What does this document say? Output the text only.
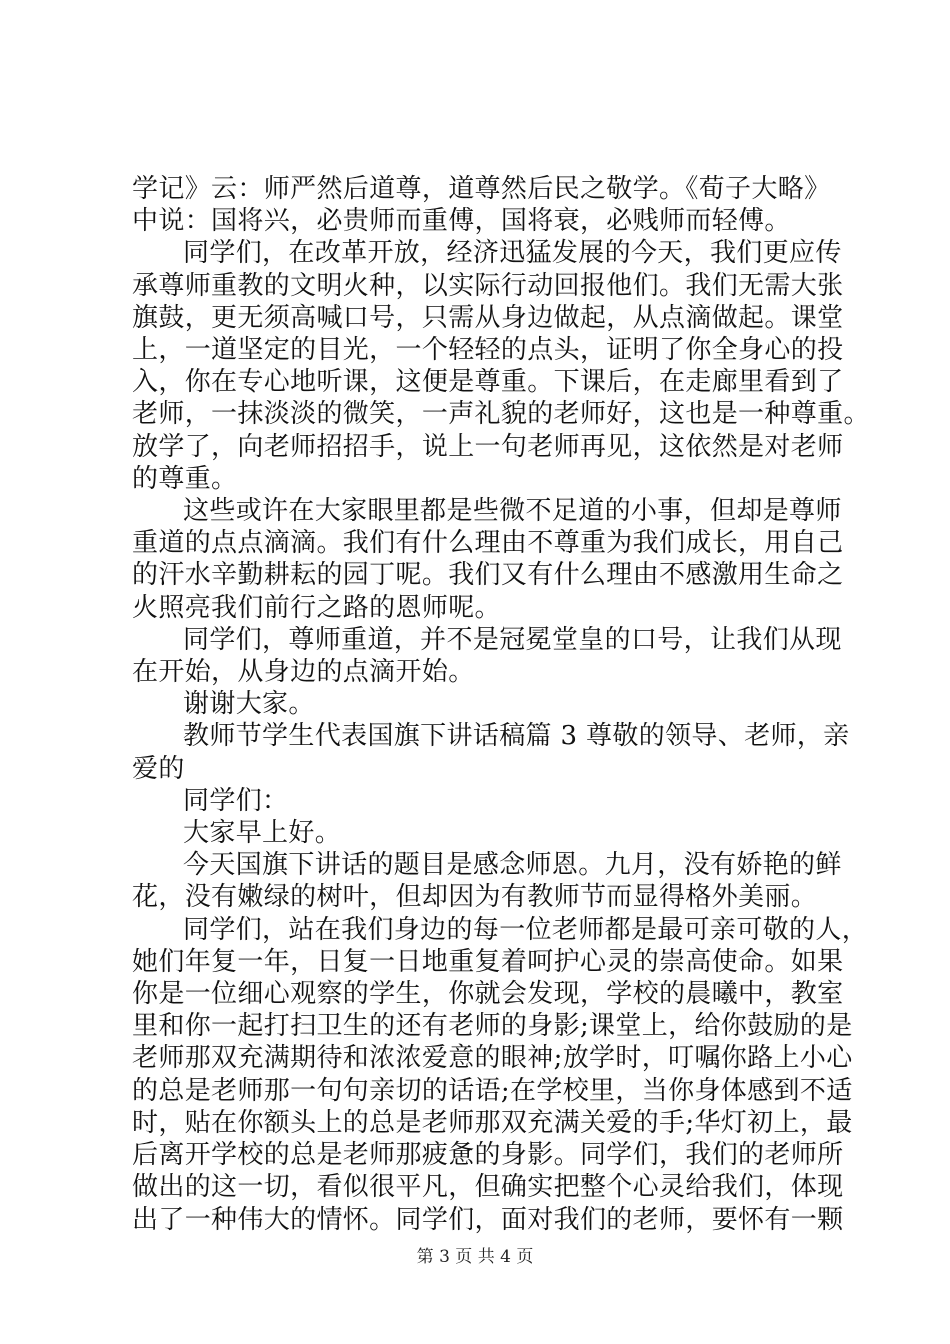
学记》云：师严然后道尊，道尊然后民之敬学。《荀子大略》

中说：国将兴，必贵师而重傅，国将衰，必贱师而轻傅。

同学们，在改革开放，经济迅猛发展的今天，我们更应传

承尊师重教的文明火种，以实际行动回报他们。我们无需大张

旗鼓，更无须高喊口号，只需从身边做起，从点滴做起。课堂

上，一道坚定的目光，一个轻轻的点头，证明了你全身心的投

入，你在专心地听课，这便是尊重。下课后，在走廊里看到了

老师，一抹淡淡的微笑，一声礼貌的老师好，这也是一种尊重。

放学了，向老师招招手，说上一句老师再见，这依然是对老师

的尊重。

这些或许在大家眼里都是些微不足道的小事，但却是尊师

重道的点点滴滴。我们有什么理由不尊重为我们成长，用自己

的汗水辛勤耕耘的园丁呢。我们又有什么理由不感激用生命之

火照亮我们前行之路的恩师呢。

同学们，尊师重道，并不是冠冕堂皇的口号，让我们从现

在开始，从身边的点滴开始。

谢谢大家。

教师节学生代表国旗下讲话稿篇 3 尊敬的领导、老师，亲

爱的

同学们：

大家早上好。

今天国旗下讲话的题目是感念师恩。九月，没有娇艳的鲜

花，没有嫩绿的树叶，但却因为有教师节而显得格外美丽。

同学们，站在我们身边的每一位老师都是最可亲可敬的人，

她们年复一年，日复一日地重复着呵护心灵的崇高使命。如果

你是一位细心观察的学生，你就会发现，学校的晨曦中，教室

里和你一起打扫卫生的还有老师的身影;课堂上，给你鼓励的是

老师那双充满期待和浓浓爱意的眼神;放学时，叮嘱你路上小心

的总是老师那一句句亲切的话语;在学校里，当你身体感到不适

时，贴在你额头上的总是老师那双充满关爱的手;华灯初上，最

后离开学校的总是老师那疲惫的身影。同学们，我们的老师所

做出的这一切，看似很平凡，但确实把整个心灵给我们，体现

出了一种伟大的情怀。同学们，面对我们的老师，要怀有一颗

第 3 页 共 4 页
